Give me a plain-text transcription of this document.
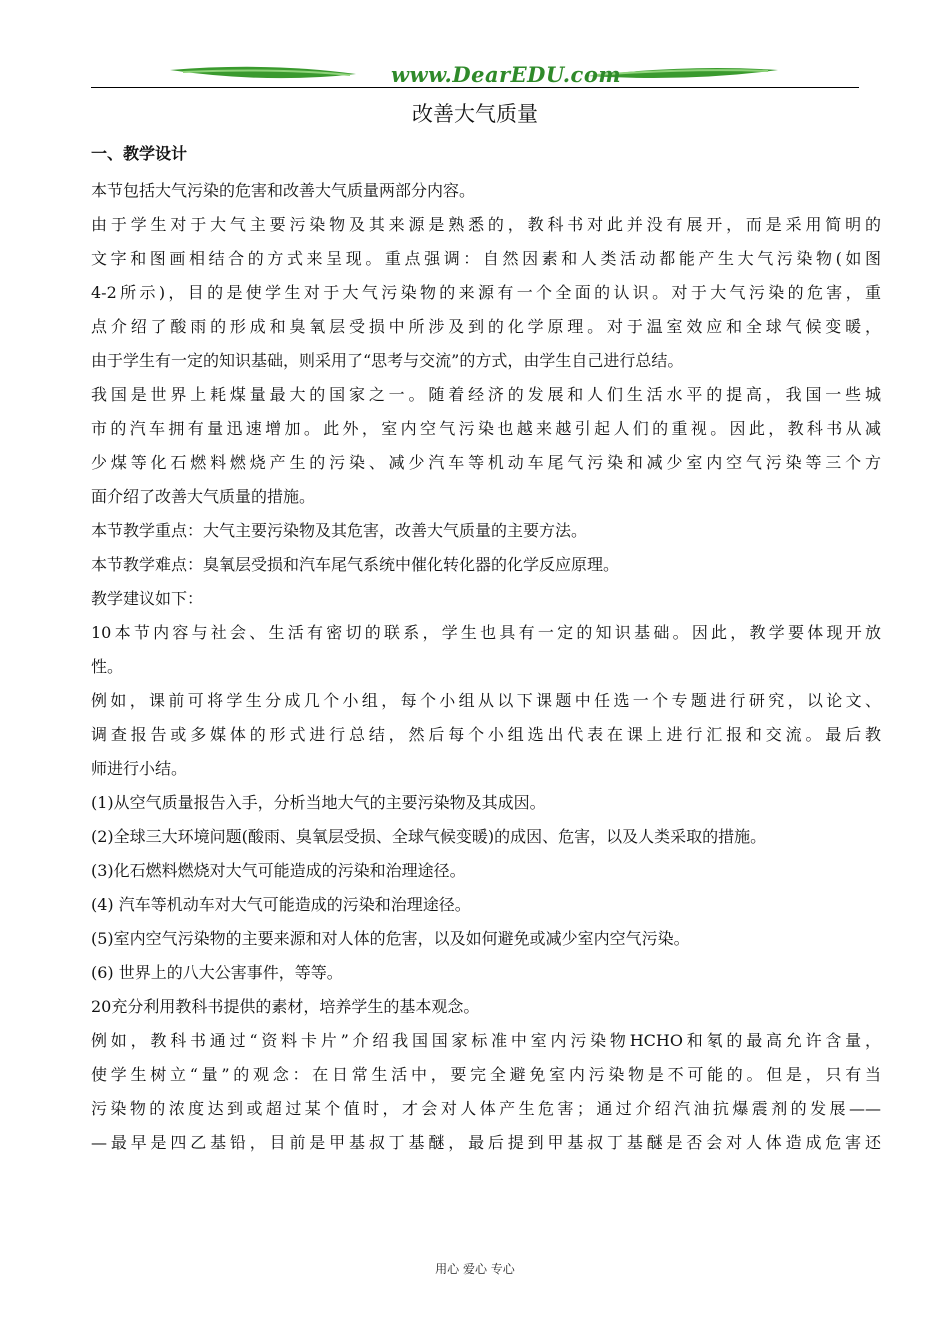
www.DearEDU.com
改善大气质量
一、教学设计
本节包括大气污染的危害和改善大气质量两部分内容。
由于学生对于大气主要污染物及其来源是熟悉的，教科书对此并没有展开，而是采用简明的
文字和图画相结合的方式来呈现。重点强调：自然因素和人类活动都能产生大气污染物(如图
4-2所示)，目的是使学生对于大气污染物的来源有一个全面的认识。对于大气污染的危害，重
点介绍了酸雨的形成和臭氧层受损中所涉及到的化学原理。对于温室效应和全球气候变暖，
由于学生有一定的知识基础，则采用了“思考与交流”的方式，由学生自己进行总结。
我国是世界上耗煤量最大的国家之一。随着经济的发展和人们生活水平的提高，我国一些城
市的汽车拥有量迅速增加。此外，室内空气污染也越来越引起人们的重视。因此，教科书从减
少煤等化石燃料燃烧产生的污染、减少汽车等机动车尾气污染和减少室内空气污染等三个方
面介绍了改善大气质量的措施。
本节教学重点：大气主要污染物及其危害，改善大气质量的主要方法。
本节教学难点：臭氧层受损和汽车尾气系统中催化转化器的化学反应原理。
教学建议如下：
10本节内容与社会、生活有密切的联系，学生也具有一定的知识基础。因此，教学要体现开放
性。
例如，课前可将学生分成几个小组，每个小组从以下课题中任选一个专题进行研究，以论文、
调查报告或多媒体的形式进行总结，然后每个小组选出代表在课上进行汇报和交流。最后教
师进行小结。
(1)从空气质量报告入手，分析当地大气的主要污染物及其成因。
(2)全球三大环境问题(酸雨、臭氧层受损、全球气候变暖)的成因、危害，以及人类采取的措施。
(3)化石燃料燃烧对大气可能造成的污染和治理途径。
(4) 汽车等机动车对大气可能造成的污染和治理途径。
(5)室内空气污染物的主要来源和对人体的危害，以及如何避免或减少室内空气污染。
(6) 世界上的八大公害事件，等等。
20充分利用教科书提供的素材，培养学生的基本观念。
例如，教科书通过“资料卡片”介绍我国国家标准中室内污染物HCHO和氡的最高允许含量，
使学生树立“量”的观念：在日常生活中，要完全避免室内污染物是不可能的。但是，只有当
污染物的浓度达到或超过某个值时，才会对人体产生危害；通过介绍汽油抗爆震剂的发展——
—最早是四乙基铅，目前是甲基叔丁基醚，最后提到甲基叔丁基醚是否会对人体造成危害还
用心 爱心 专心
